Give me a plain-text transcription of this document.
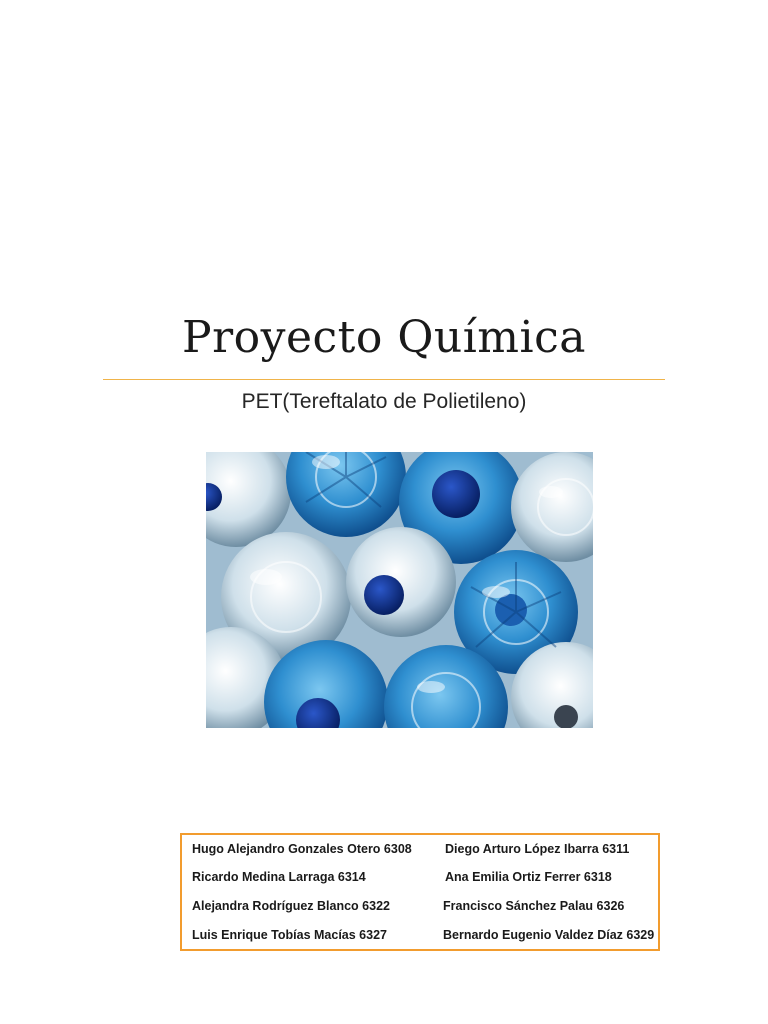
Proyecto Química
PET(Tereftalato de Polietileno)
Hugo Alejandro Gonzales Otero 6308	Diego Arturo López Ibarra 6311
Ricardo Medina Larraga 6314	Ana Emilia Ortiz Ferrer 6318
Alejandra Rodríguez Blanco 6322	Francisco Sánchez Palau 6326
Luis Enrique Tobías Macías 6327	Bernardo Eugenio Valdez Díaz 6329
